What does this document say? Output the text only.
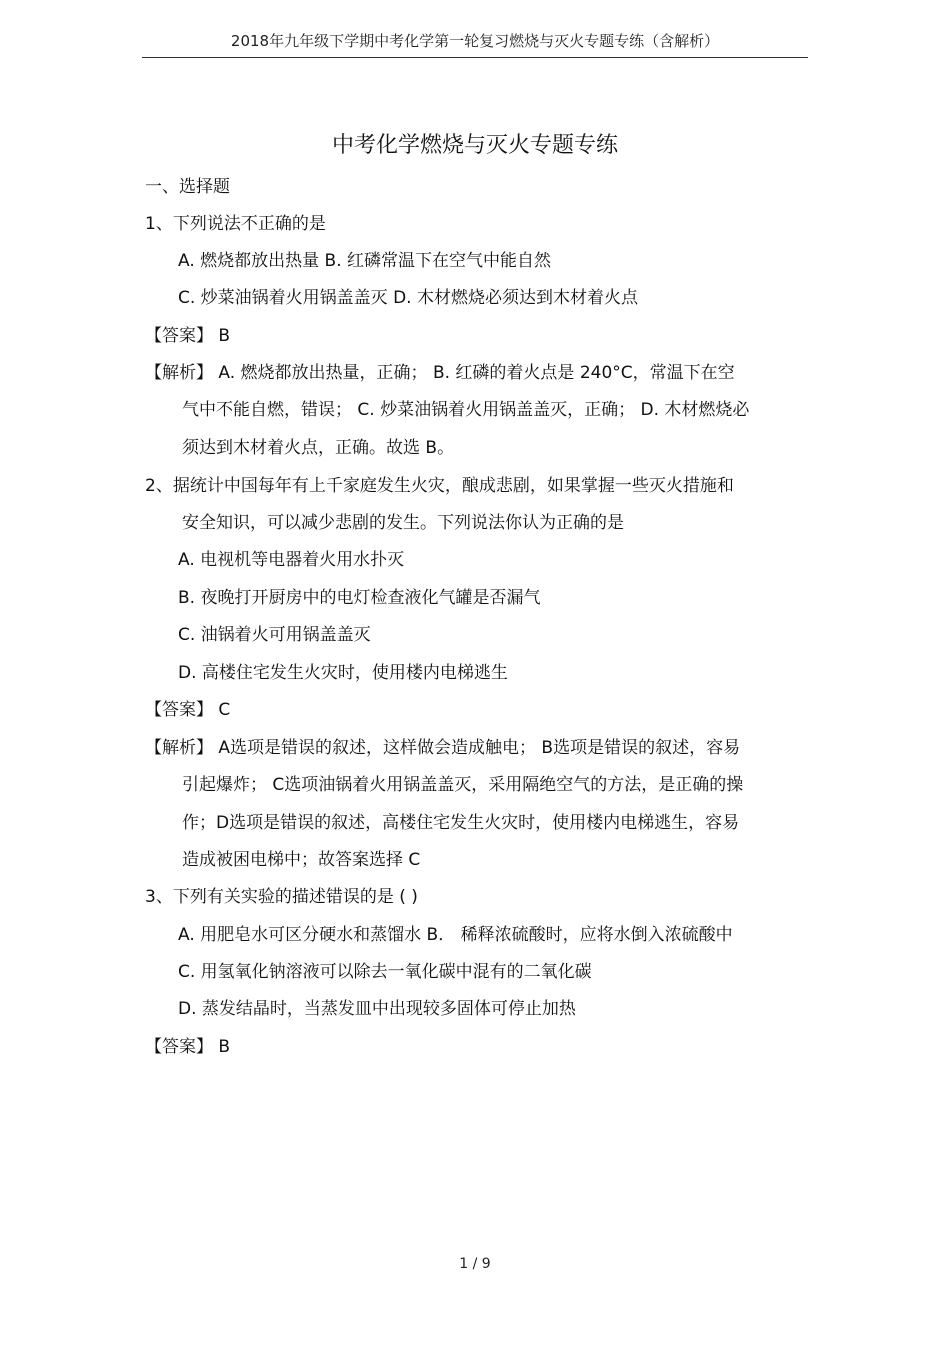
2018年九年级下学期中考化学第一轮复习燃烧与灭火专题专练（含解析）
中考化学燃烧与灭火专题专练
一、选择题
1、下列说法不正确的是
A. 燃烧都放出热量 B. 红磷常温下在空气中能自然
C. 炒菜油锅着火用锅盖盖灭 D. 木材燃烧必须达到木材着火点
【答案】 B
【解析】 A. 燃烧都放出热量，正确； B. 红磷的着火点是 240°C，常温下在空
气中不能自燃，错误； C. 炒菜油锅着火用锅盖盖灭，正确； D. 木材燃烧必
须达到木材着火点，正确。故选 B。
2、据统计中国每年有上千家庭发生火灾，酿成悲剧，如果掌握一些灭火措施和
安全知识，可以减少悲剧的发生。下列说法你认为正确的是
A. 电视机等电器着火用水扑灭
B. 夜晚打开厨房中的电灯检查液化气罐是否漏气
C. 油锅着火可用锅盖盖灭
D. 高楼住宅发生火灾时，使用楼内电梯逃生
【答案】 C
【解析】 A选项是错误的叙述，这样做会造成触电； B选项是错误的叙述，容易
引起爆炸； C选项油锅着火用锅盖盖灭，采用隔绝空气的方法，是正确的操
作；D选项是错误的叙述，高楼住宅发生火灾时，使用楼内电梯逃生，容易
造成被困电梯中；故答案选择 C
3、下列有关实验的描述错误的是 ( )
A. 用肥皂水可区分硬水和蒸馏水 B． 稀释浓硫酸时，应将水倒入浓硫酸中
C. 用氢氧化钠溶液可以除去一氧化碳中混有的二氧化碳
D. 蒸发结晶时，当蒸发皿中出现较多固体可停止加热
【答案】 B
1 / 9
